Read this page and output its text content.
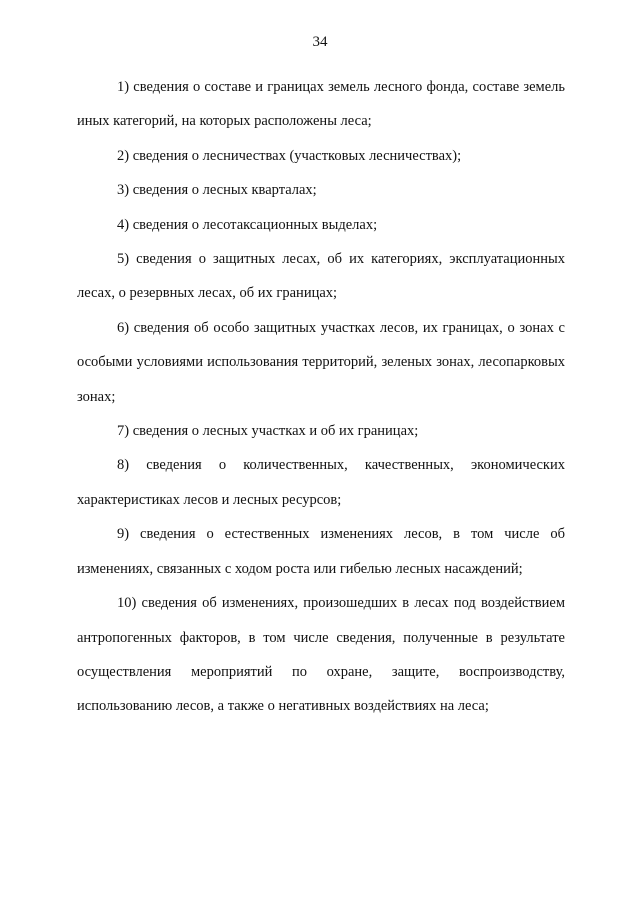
34

1) сведения о составе и границах земель лесного фонда, составе земель иных категорий, на которых расположены леса;

2) сведения о лесничествах (участковых лесничествах);

3) сведения о лесных кварталах;

4) сведения о лесотаксационных выделах;

5) сведения о защитных лесах, об их категориях, эксплуатационных лесах, о резервных лесах, об их границах;

6) сведения об особо защитных участках лесов, их границах, о зонах с особыми условиями использования территорий, зеленых зонах, лесопарковых зонах;

7) сведения о лесных участках и об их границах;

8) сведения о количественных, качественных, экономических характеристиках лесов и лесных ресурсов;

9) сведения о естественных изменениях лесов, в том числе об изменениях, связанных с ходом роста или гибелью лесных насаждений;

10) сведения об изменениях, произошедших в лесах под воздействием антропогенных факторов, в том числе сведения, полученные в результате осуществления мероприятий по охране, защите, воспроизводству, использованию лесов, а также о негативных воздействиях на леса;
